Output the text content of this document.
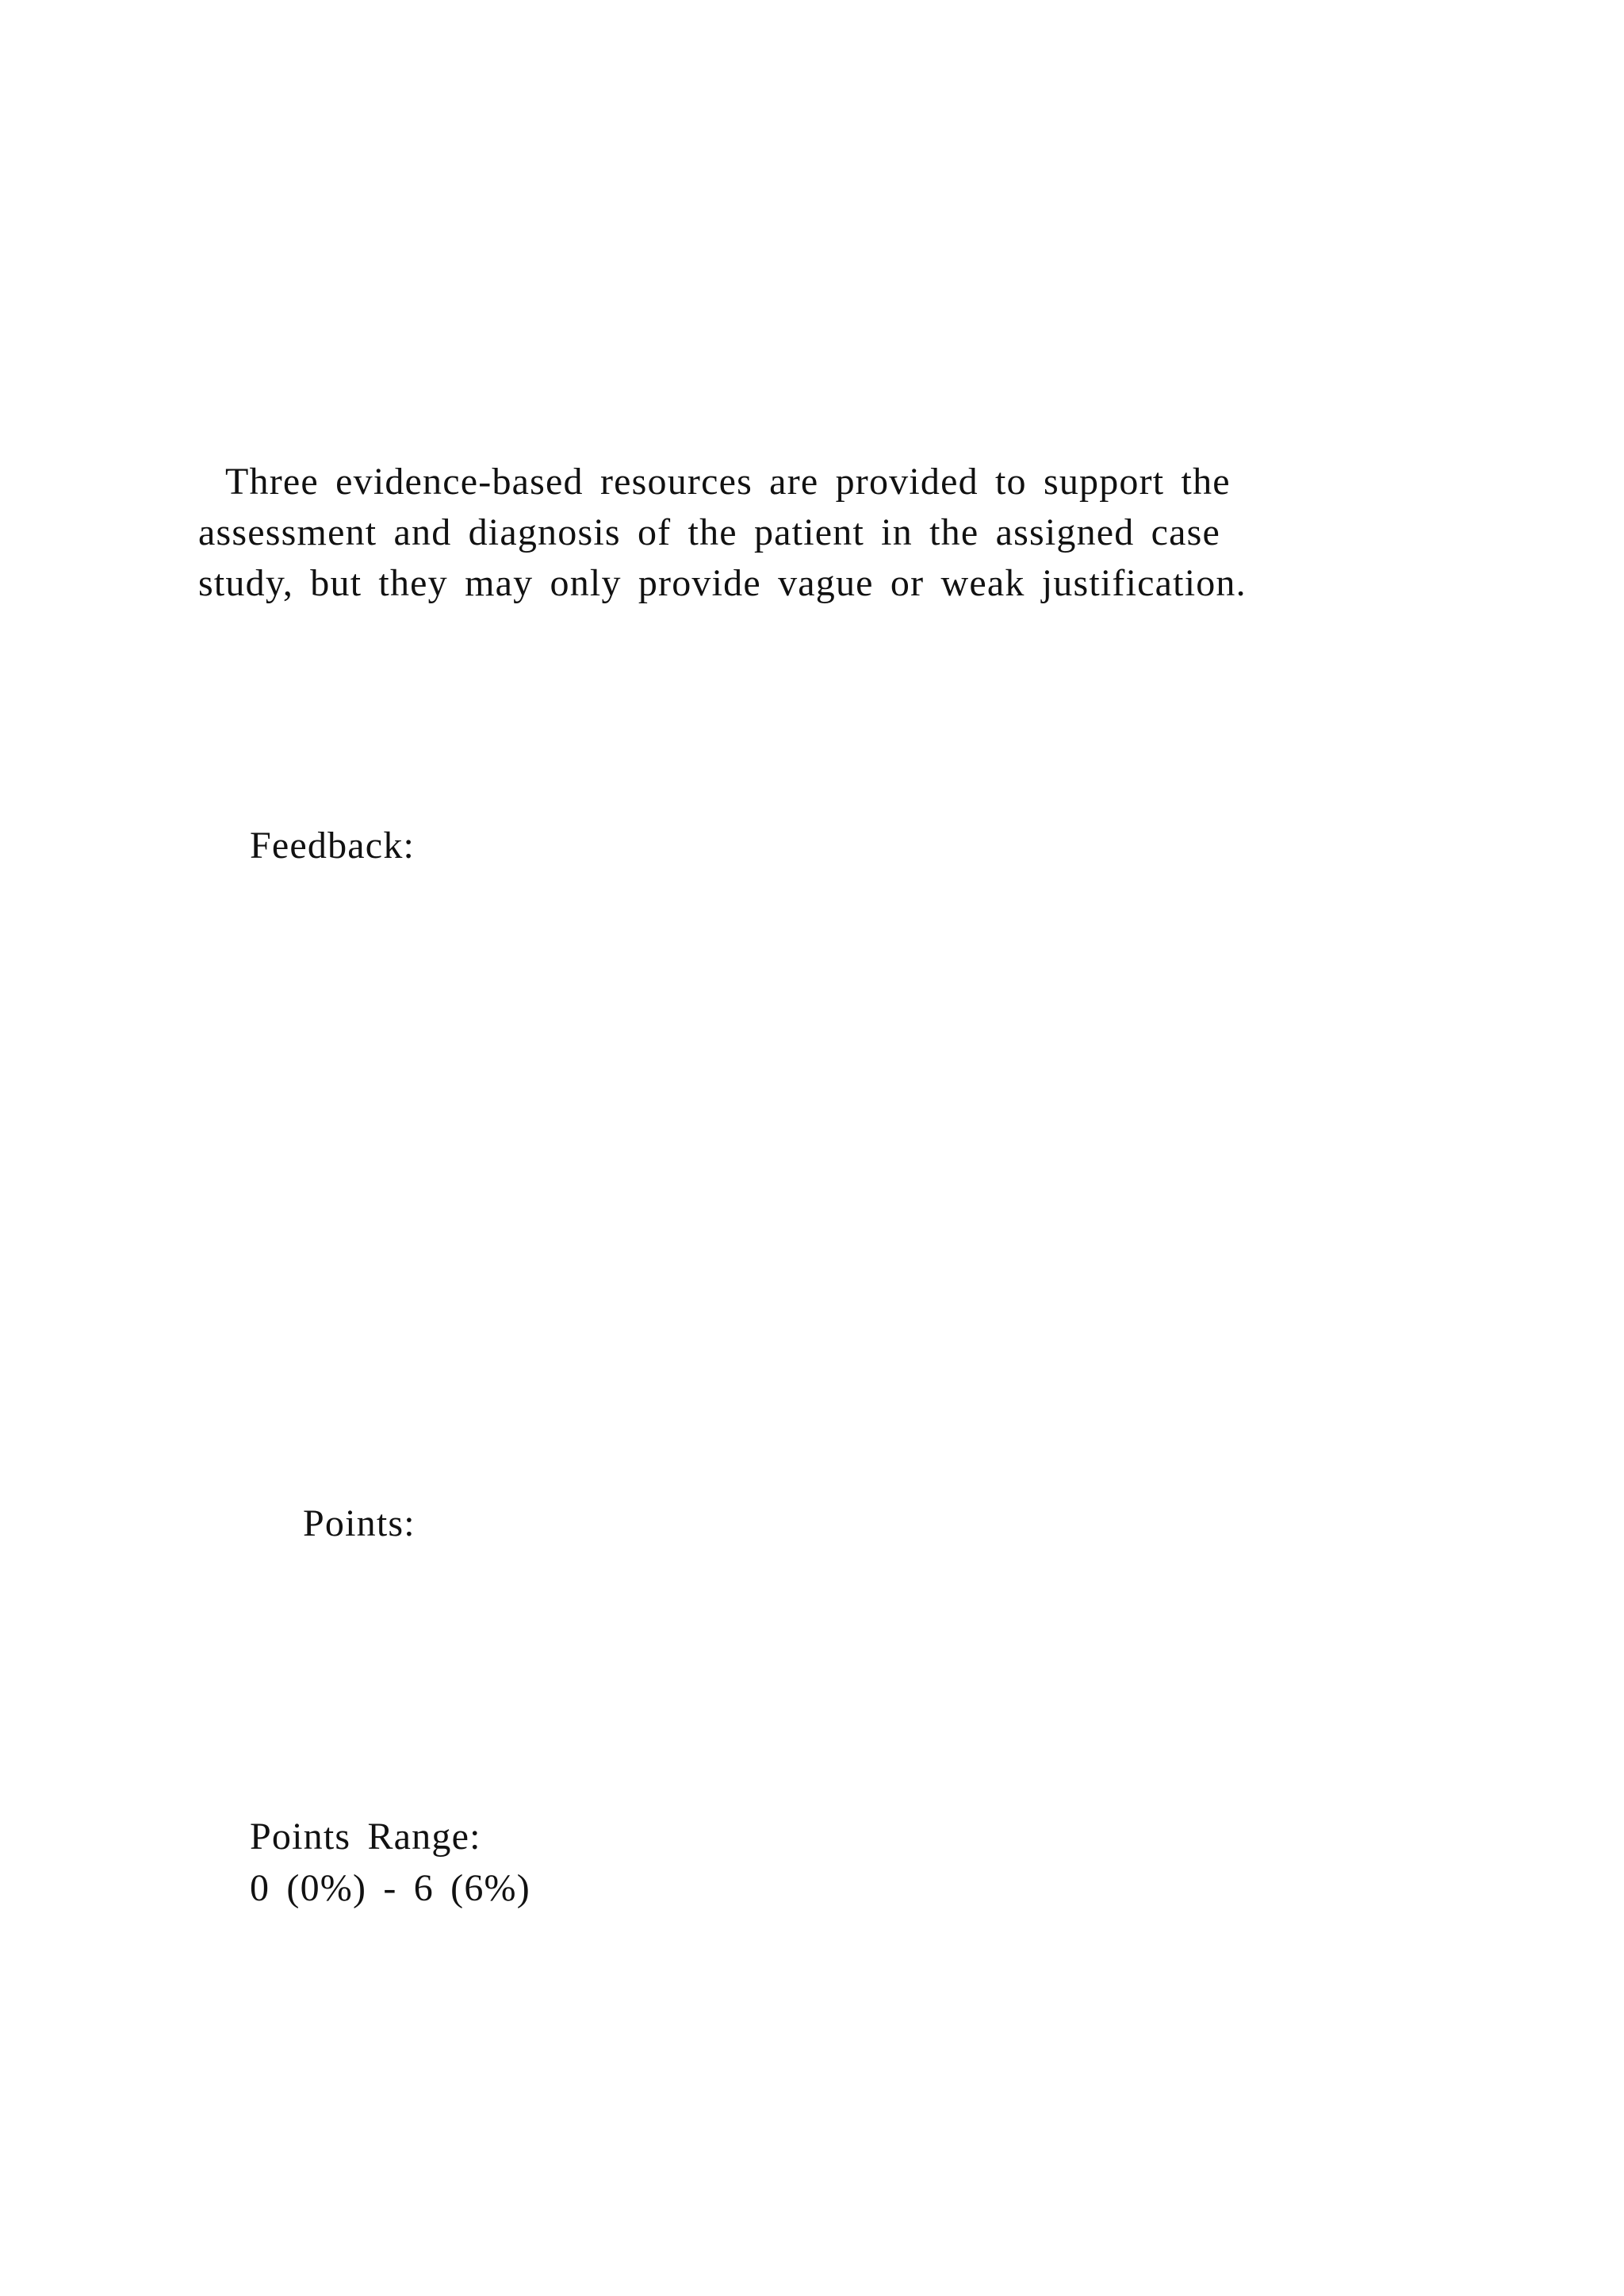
Three evidence-based resources are provided to support the
assessment and diagnosis of the patient in the assigned case
study, but they may only provide vague or weak justification.
Feedback:
Points:
Points Range:
0 (0%) - 6 (6%)
